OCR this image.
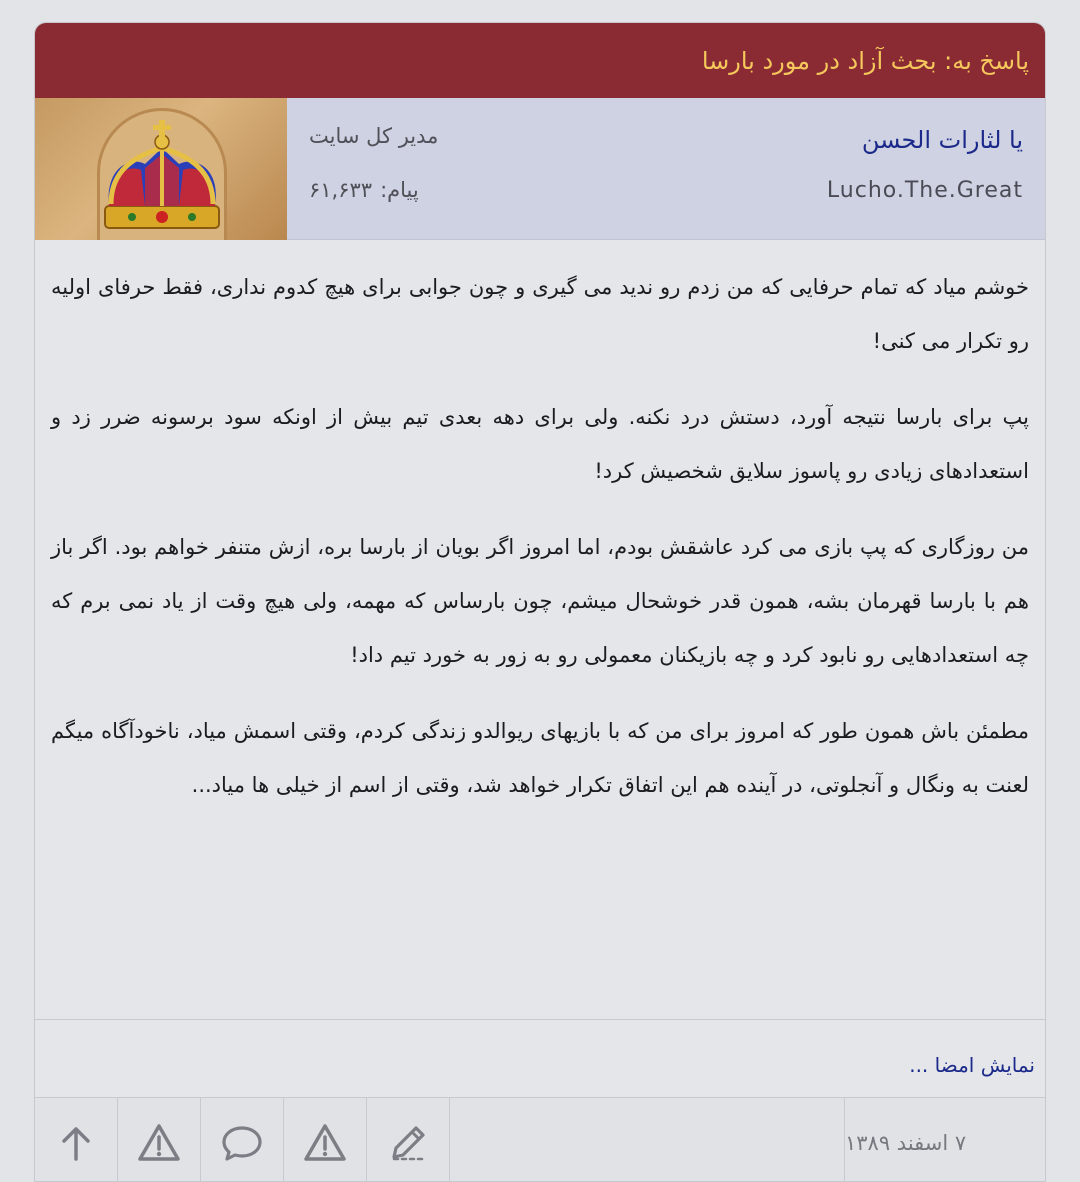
پاسخ به: بحث آزاد در مورد بارسا
مدیر کل سایت
پیام:
۶۱,۶۳۳
یا لثارات الحسن
Lucho.The.Great

خوشم میاد که تمام حرفایی که من زدم رو ندید می گیری و چون جوابی برای هیچ کدوم نداری، فقط حرفای اولیه رو تکرار می کنی!

پپ برای بارسا نتیجه آورد، دستش درد نکنه. ولی برای دهه بعدی تیم بیش از اونکه سود برسونه ضرر زد و استعدادهای زیادی رو پاسوز سلایق شخصیش کرد!

من روزگاری که پپ بازی می کرد عاشقش بودم، اما امروز اگر بویان از بارسا بره، ازش متنفر خواهم بود. اگر باز هم با بارسا قهرمان بشه، همون قدر خوشحال میشم، چون بارساس که مهمه، ولی هیچ وقت از یاد نمی برم که چه استعدادهایی رو نابود کرد و چه بازیکنان معمولی رو به زور به خورد تیم داد!

مطمئن باش همون طور که امروز برای من که با بازیهای ریوالدو زندگی کردم، وقتی اسمش میاد، ناخودآگاه میگم لعنت به ونگال و آنجلوتی، در آینده هم این اتفاق تکرار خواهد شد، وقتی از اسم از خیلی ها میاد...

نمایش امضا ...
۷ اسفند ۱۳۸۹
